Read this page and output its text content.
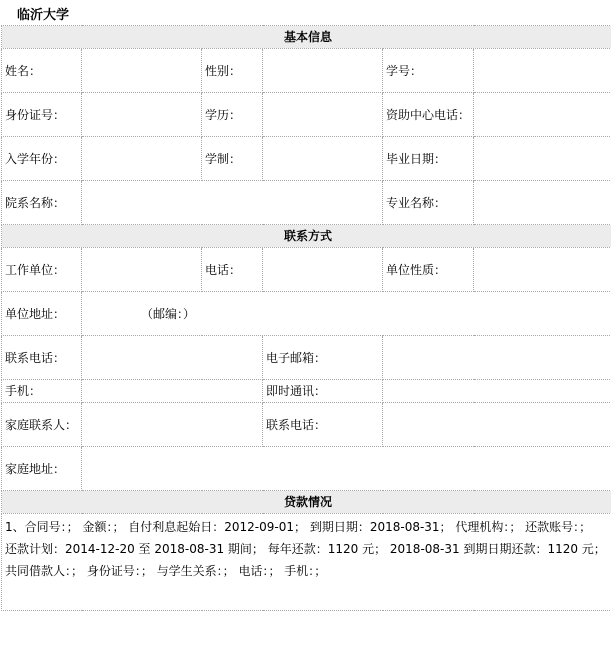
临沂大学
基本信息					
姓名：		性别：		学号：	
身份证号：		学历：		资助中心电话：	
入学年份：		学制：		毕业日期：	
院系名称：				专业名称：	
联系方式					
工作单位：		电话：		单位性质：	
单位地址：	（邮编：）				
联系电话：			电子邮箱：		
手机：			即时通讯：		
家庭联系人：			联系电话：		
家庭地址：					
贷款情况					

1、合同号：； 金额：； 自付利息起始日：2012-09-01； 到期日期：2018-08-31； 代理机构：； 还款账号：；
还款计划：2014-12-20 至 2018-08-31 期间； 每年还款：1120 元； 2018-08-31 到期日期还款：1120 元；
共同借款人：； 身份证号：； 与学生关系：； 电话：； 手机：；					
